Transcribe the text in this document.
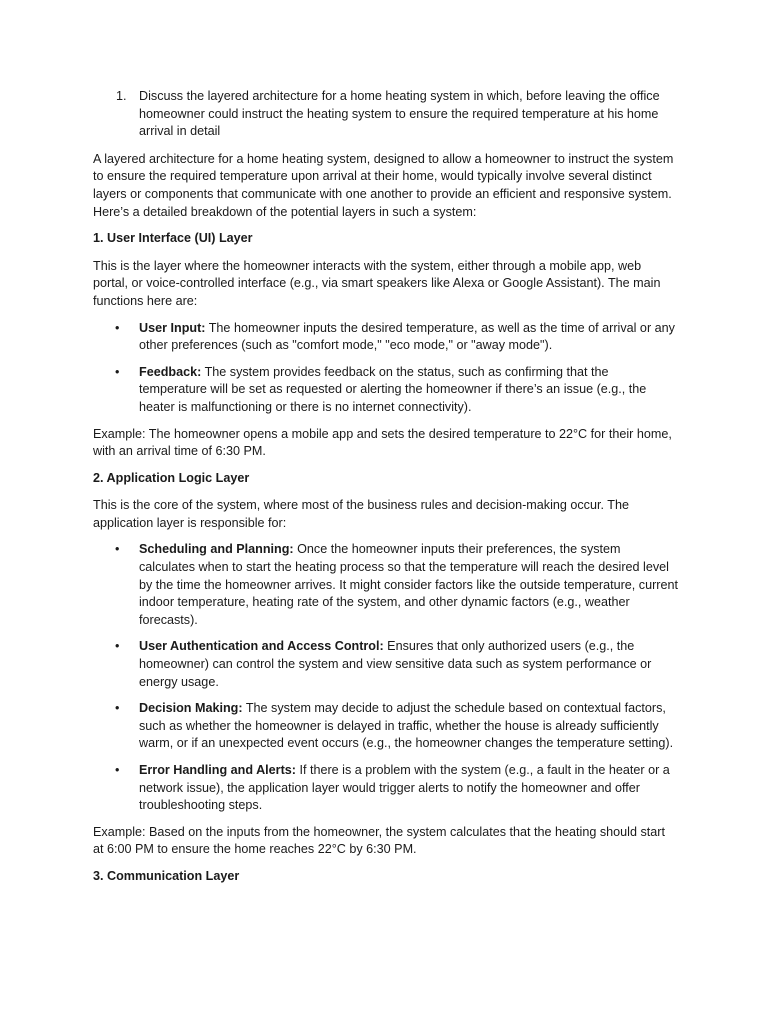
1. Discuss the layered architecture for a home heating system in which, before leaving the office homeowner could instruct the heating system to ensure the required temperature at his home arrival in detail

A layered architecture for a home heating system, designed to allow a homeowner to instruct the system to ensure the required temperature upon arrival at their home, would typically involve several distinct layers or components that communicate with one another to provide an efficient and responsive system. Here’s a detailed breakdown of the potential layers in such a system:

1. User Interface (UI) Layer

This is the layer where the homeowner interacts with the system, either through a mobile app, web portal, or voice-controlled interface (e.g., via smart speakers like Alexa or Google Assistant). The main functions here are:

• User Input: The homeowner inputs the desired temperature, as well as the time of arrival or any other preferences (such as "comfort mode," "eco mode," or "away mode").
• Feedback: The system provides feedback on the status, such as confirming that the temperature will be set as requested or alerting the homeowner if there’s an issue (e.g., the heater is malfunctioning or there is no internet connectivity).

Example: The homeowner opens a mobile app and sets the desired temperature to 22°C for their home, with an arrival time of 6:30 PM.

2. Application Logic Layer

This is the core of the system, where most of the business rules and decision-making occur. The application layer is responsible for:

• Scheduling and Planning: Once the homeowner inputs their preferences, the system calculates when to start the heating process so that the temperature will reach the desired level by the time the homeowner arrives. It might consider factors like the outside temperature, current indoor temperature, heating rate of the system, and other dynamic factors (e.g., weather forecasts).
• User Authentication and Access Control: Ensures that only authorized users (e.g., the homeowner) can control the system and view sensitive data such as system performance or energy usage.
• Decision Making: The system may decide to adjust the schedule based on contextual factors, such as whether the homeowner is delayed in traffic, whether the house is already sufficiently warm, or if an unexpected event occurs (e.g., the homeowner changes the temperature setting).
• Error Handling and Alerts: If there is a problem with the system (e.g., a fault in the heater or a network issue), the application layer would trigger alerts to notify the homeowner and offer troubleshooting steps.

Example: Based on the inputs from the homeowner, the system calculates that the heating should start at 6:00 PM to ensure the home reaches 22°C by 6:30 PM.

3. Communication Layer
